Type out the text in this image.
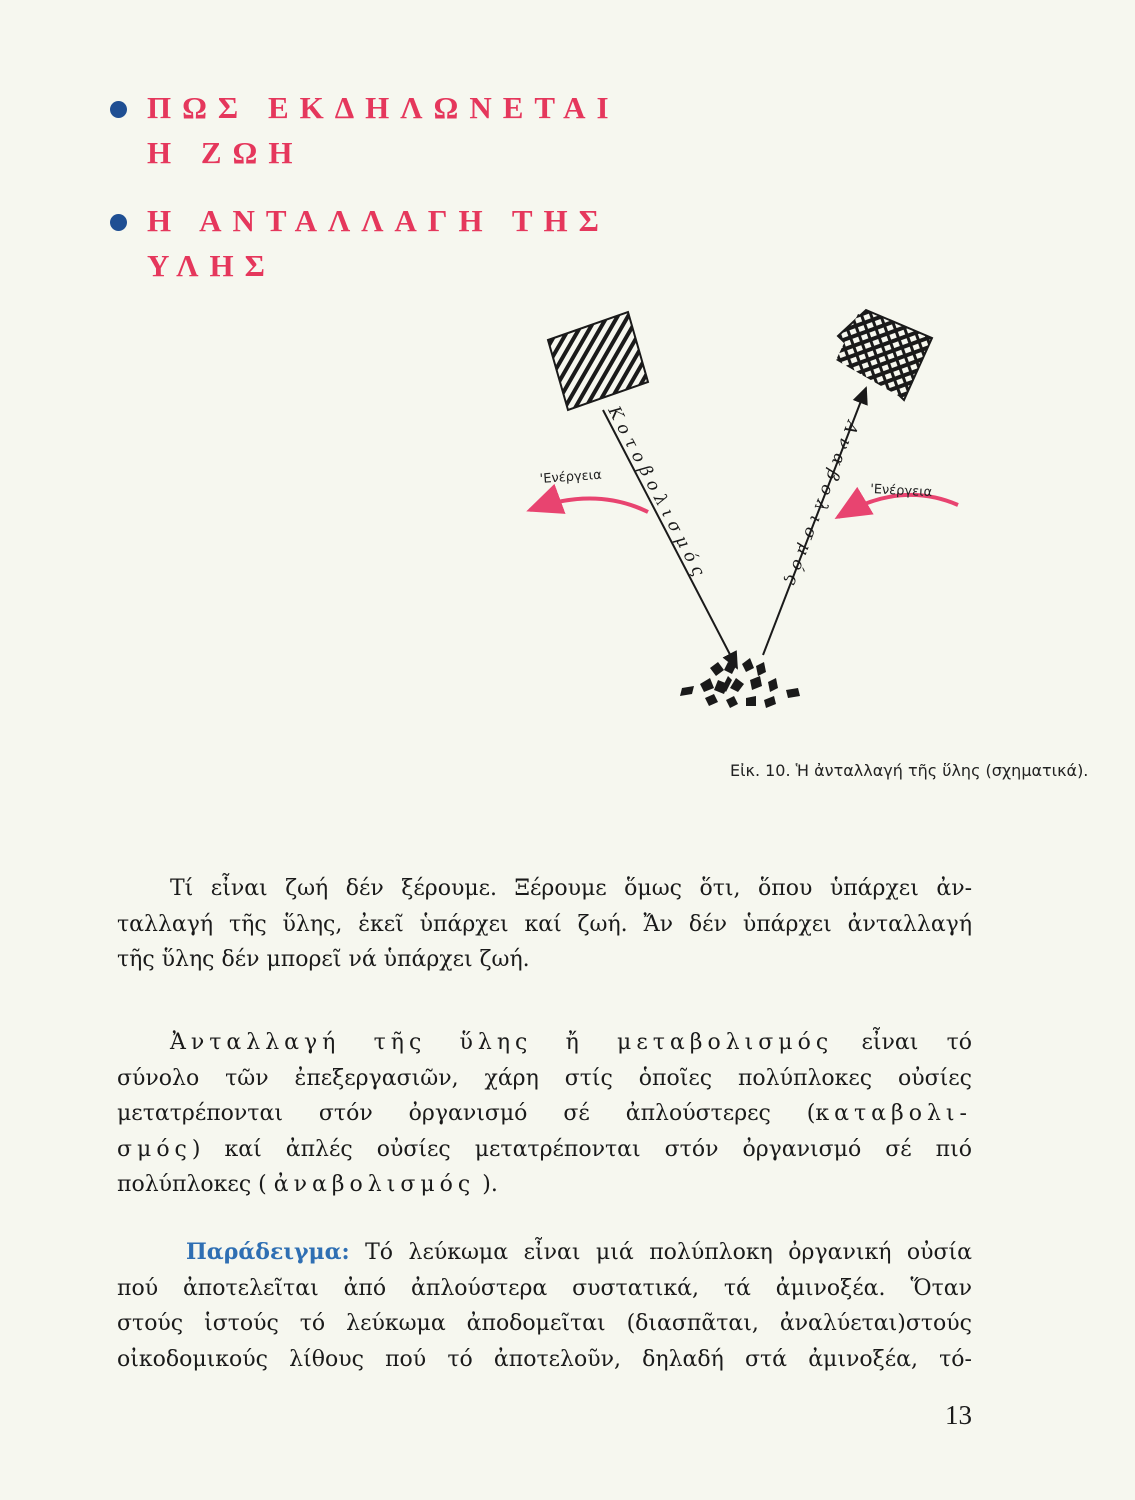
ΠΩΣ ΕΚΔΗΛΩΝΕΤΑΙ
Η ΖΩΗ
Η ΑΝΤΑΛΛΑΓΗ ΤΗΣ
ΥΛΗΣ
'Ενέργεια
'Ενέργεια
Κοτοβολισμός	Αναβολισμός
Εἰκ. 10. Ἡ ἀνταλλαγή τῆς ὕλης (σχηματικά).
Τί εἶναι ζωή δέν ξέρουμε. Ξέρουμε ὅμως ὅτι, ὅπου ὑπάρχει ἀν-
ταλλαγή τῆς ὕλης, ἐκεῖ ὑπάρχει καί ζωή. Ἄν δέν ὑπάρχει ἀνταλλαγή
τῆς ὕλης δέν μπορεῖ νά ὑπάρχει ζωή.
Ἀνταλλαγή τῆς ὕλης ἤ μεταβολισμός εἶναι τό
σύνολο τῶν ἐπεξεργασιῶν, χάρη στίς ὁποῖες πολύπλοκες οὐσίες
μετατρέπονται στόν ὀργανισμό σέ ἀπλούστερες (καταβολι-
σμός) καί ἀπλές οὐσίες μετατρέπονται στόν ὀργανισμό σέ πιό
πολύπλοκες ( ἀναβολισμός ).
Παράδειγμα: Τό λεύκωμα εἶναι μιά πολύπλοκη ὀργανική οὐσία
πού ἀποτελεῖται ἀπό ἀπλούστερα συστατικά, τά ἀμινοξέα. Ὅταν
στούς ἱστούς τό λεύκωμα ἀποδομεῖται (διασπᾶται, ἀναλύεται)στούς
οἰκοδομικούς λίθους πού τό ἀποτελοῦν, δηλαδή στά ἀμινοξέα, τό-
13
